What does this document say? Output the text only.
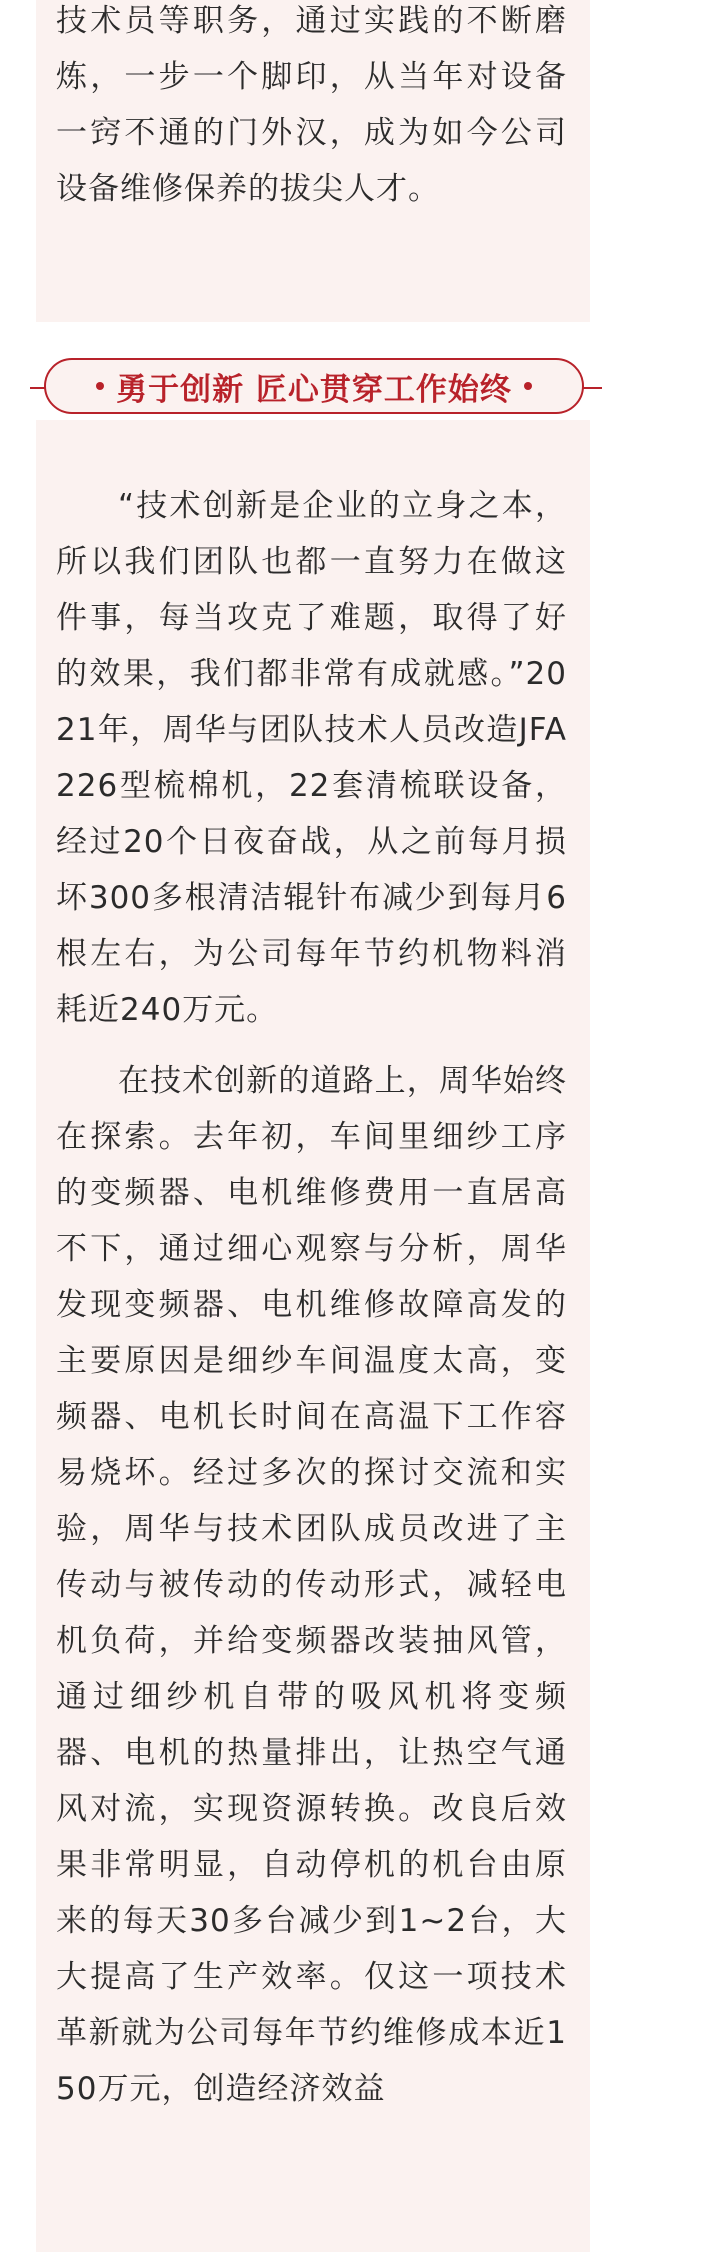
技术员等职务，通过实践的不断磨炼，一步一个脚印，从当年对设备一窍不通的门外汉，成为如今公司设备维修保养的拔尖人才。

勇于创新 匠心贯穿工作始终

“技术创新是企业的立身之本，所以我们团队也都一直努力在做这件事，每当攻克了难题，取得了好的效果，我们都非常有成就感。”2021年，周华与团队技术人员改造JFA226型梳棉机，22套清梳联设备，经过20个日夜奋战，从之前每月损坏300多根清洁辊针布减少到每月6根左右，为公司每年节约机物料消耗近240万元。

在技术创新的道路上，周华始终在探索。去年初，车间里细纱工序的变频器、电机维修费用一直居高不下，通过细心观察与分析，周华发现变频器、电机维修故障高发的主要原因是细纱车间温度太高，变频器、电机长时间在高温下工作容易烧坏。经过多次的探讨交流和实验，周华与技术团队成员改进了主传动与被传动的传动形式，减轻电机负荷，并给变频器改装抽风管，通过细纱机自带的吸风机将变频器、电机的热量排出，让热空气通风对流，实现资源转换。改良后效果非常明显，自动停机的机台由原来的每天30多台减少到1~2台，大大提高了生产效率。仅这一项技术革新就为公司每年节约维修成本近150万元，创造经济效益
